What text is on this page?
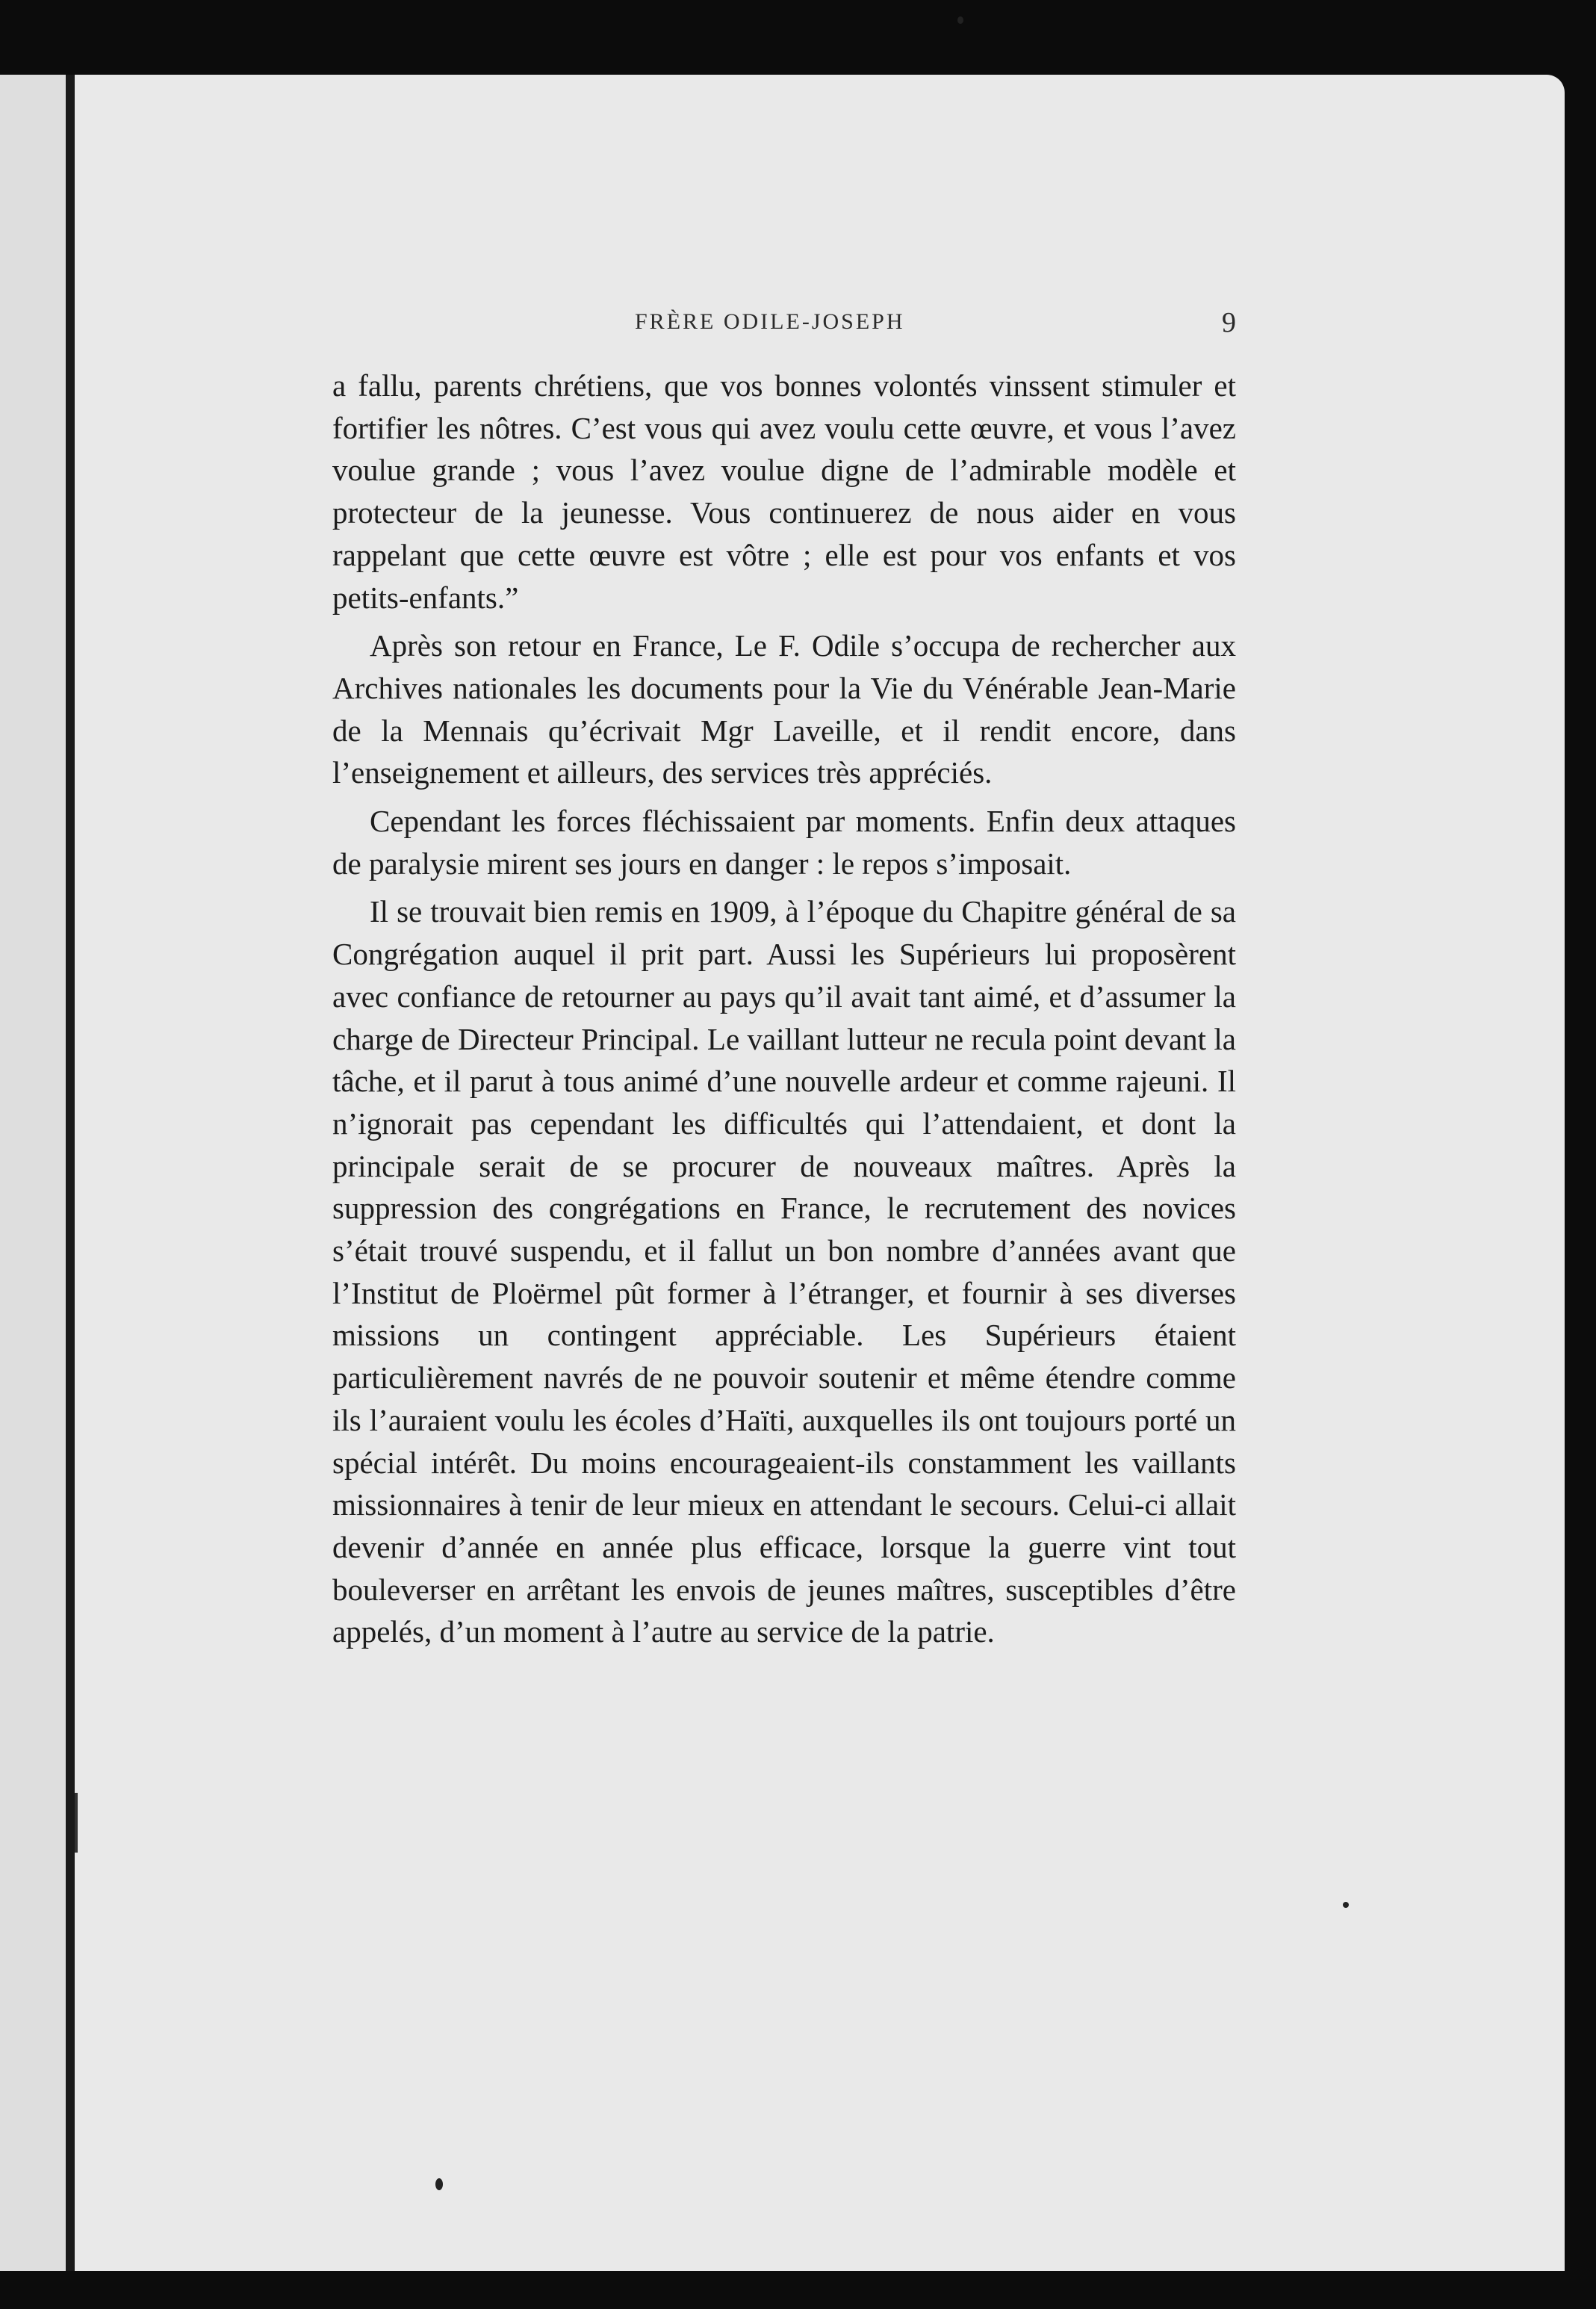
FRÈRE ODILE-JOSEPH	9

a fallu, parents chrétiens, que vos bonnes volontés vinssent stimuler et fortifier les nôtres. C’est vous qui avez voulu cette œuvre, et vous l’avez voulue grande ; vous l’avez voulue digne de l’admirable modèle et protecteur de la jeunesse. Vous continuerez de nous aider en vous rappelant que cette œuvre est vôtre ; elle est pour vos enfants et vos petits-enfants.”

Après son retour en France, Le F. Odile s’occupa de rechercher aux Archives nationales les documents pour la Vie du Vénérable Jean-Marie de la Mennais qu’écrivait Mgr Laveille, et il rendit encore, dans l’enseignement et ailleurs, des services très appréciés.

Cependant les forces fléchissaient par moments. Enfin deux attaques de paralysie mirent ses jours en danger : le repos s’imposait.

Il se trouvait bien remis en 1909, à l’époque du Chapitre général de sa Congrégation auquel il prit part. Aussi les Supérieurs lui proposèrent avec confiance de retourner au pays qu’il avait tant aimé, et d’assumer la charge de Directeur Principal. Le vaillant lutteur ne recula point devant la tâche, et il parut à tous animé d’une nouvelle ardeur et comme rajeuni. Il n’ignorait pas cependant les difficultés qui l’attendaient, et dont la principale serait de se procurer de nouveaux maîtres. Après la suppression des congrégations en France, le recrutement des novices s’était trouvé suspendu, et il fallut un bon nombre d’années avant que l’Institut de Ploërmel pût former à l’étranger, et fournir à ses diverses missions un contingent appréciable. Les Supérieurs étaient particulièrement navrés de ne pouvoir soutenir et même étendre comme ils l’auraient voulu les écoles d’Haïti, auxquelles ils ont toujours porté un spécial intérêt. Du moins encourageaient-ils constamment les vaillants missionnaires à tenir de leur mieux en attendant le secours. Celui-ci allait devenir d’année en année plus efficace, lorsque la guerre vint tout bouleverser en arrêtant les envois de jeunes maîtres, susceptibles d’être appelés, d’un moment à l’autre au service de la patrie.
